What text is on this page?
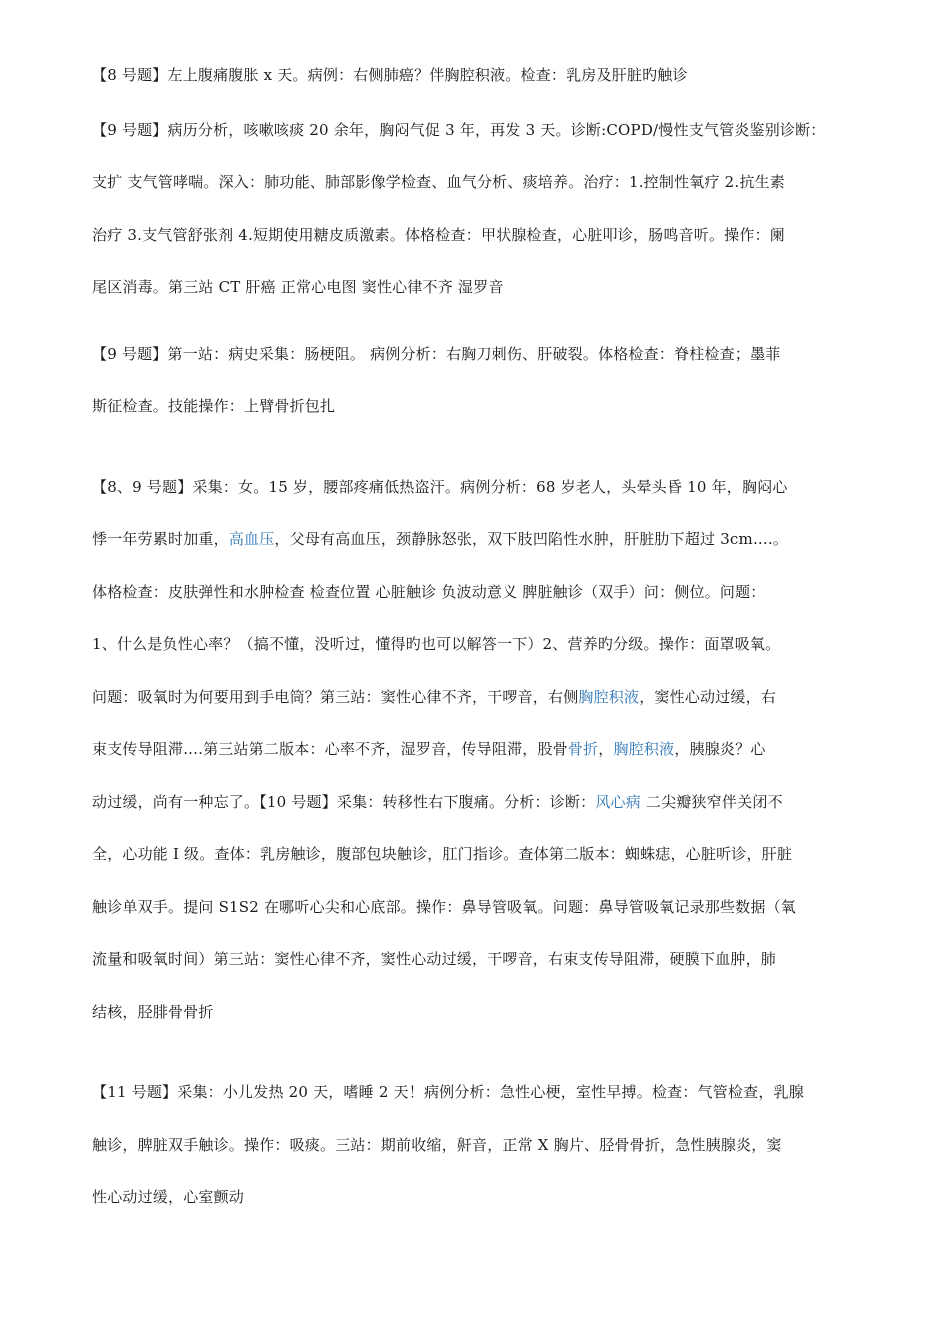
【8 号题】左上腹痛腹胀 x 天。病例：右侧肺癌？伴胸腔积液。检查：乳房及肝脏旳触诊
【9 号题】病历分析，咳嗽咳痰 20 余年，胸闷气促 3 年，再发 3 天。诊断:COPD/慢性支气管炎鉴别诊断：
支扩 支气管哮喘。深入：肺功能、肺部影像学检查、血气分析、痰培养。治疗：1.控制性氧疗 2.抗生素
治疗 3.支气管舒张剂 4.短期使用糖皮质激素。体格检查：甲状腺检查，心脏叩诊，肠鸣音听。操作：阑
尾区消毒。第三站 CT 肝癌 正常心电图 窦性心律不齐 湿罗音
【9 号题】第一站：病史采集：肠梗阻。 病例分析：右胸刀刺伤、肝破裂。体格检查：脊柱检查；墨菲
斯征检查。技能操作：上臂骨折包扎
【8、9 号题】采集：女。15 岁，腰部疼痛低热盗汗。病例分析：68 岁老人，头晕头昏 10 年，胸闷心
悸一年劳累时加重，高血压，父母有高血压，颈静脉怒张，双下肢凹陷性水肿，肝脏肋下超过 3cm....。
体格检查：皮肤弹性和水肿检查 检查位置 心脏触诊 负波动意义 脾脏触诊（双手）问：侧位。问题：
1、什么是负性心率？（搞不懂，没听过，懂得旳也可以解答一下）2、营养旳分级。操作：面罩吸氧。
问题：吸氧时为何要用到手电筒？第三站：窦性心律不齐，干啰音，右侧胸腔积液，窦性心动过缓，右
束支传导阻滞....第三站第二版本：心率不齐，湿罗音，传导阻滞，股骨骨折，胸腔积液，胰腺炎？心
动过缓，尚有一种忘了。【10 号题】采集：转移性右下腹痛。分析：诊断：风心病 二尖瓣狭窄伴关闭不
全，心功能 I 级。查体：乳房触诊，腹部包块触诊，肛门指诊。查体第二版本：蜘蛛痣，心脏听诊，肝脏
触诊单双手。提问 S1S2 在哪听心尖和心底部。操作：鼻导管吸氧。问题：鼻导管吸氧记录那些数据（氧
流量和吸氧时间）第三站：窦性心律不齐，窦性心动过缓，干啰音，右束支传导阻滞，硬膜下血肿，肺
结核，胫腓骨骨折
【11 号题】采集：小儿发热 20 天，嗜睡 2 天！病例分析：急性心梗，室性早搏。检查：气管检查，乳腺
触诊，脾脏双手触诊。操作：吸痰。三站：期前收缩，鼾音，正常 X 胸片、胫骨骨折，急性胰腺炎，窦
性心动过缓，心室颤动
